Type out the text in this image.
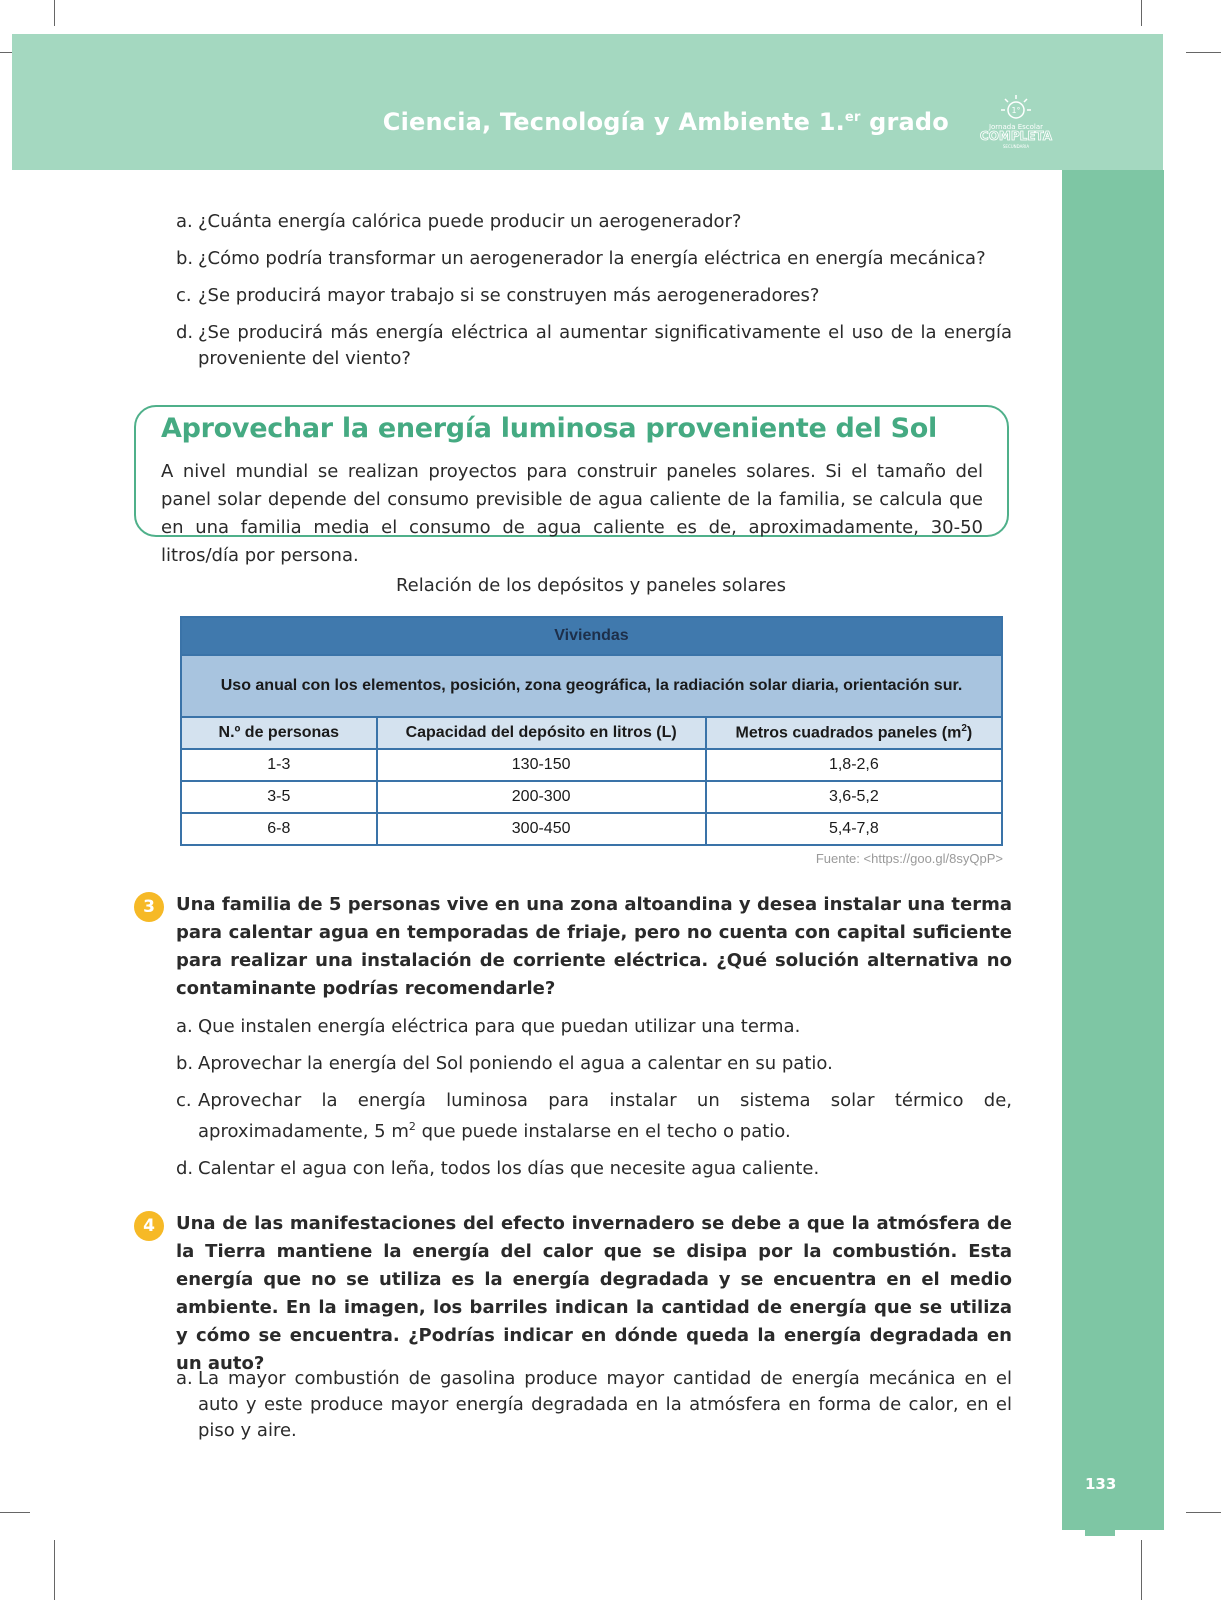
Ciencia, Tecnología y Ambiente 1.$^{er}$ grado	1°
Jornada Escolar
COMPLETA
SECUNDARIA
133
a. ¿Cuánta energía calórica puede producir un aerogenerador?
b. ¿Cómo podría transformar un aerogenerador la energía eléctrica en energía mecánica?
c. ¿Se producirá mayor trabajo si se construyen más aerogeneradores?
d. ¿Se producirá más energía eléctrica al aumentar significativamente el uso de la energía proveniente del viento?
Aprovechar la energía luminosa proveniente del Sol

A nivel mundial se realizan proyectos para construir paneles solares. Si el tamaño del panel solar depende del consumo previsible de agua caliente de la familia, se calcula que en una familia media el consumo de agua caliente es de, aproximadamente, 30-50 litros/día por persona.

Relación de los depósitos y paneles solares
Viviendas		
Uso anual con los elementos, posición, zona geográfica, la radiación solar diaria, orientación sur.		
N.º de personas	Capacidad del depósito en litros (L)	Metros cuadrados paneles $(m^2)$
1-3	130-150	1,8-2,6
3-5	200-300	3,6-5,2
6-8	300-450	5,4-7,8
Fuente: <https://goo.gl/8syQpP>
3	Una familia de 5 personas vive en una zona altoandina y desea instalar una terma para calentar agua en temporadas de friaje, pero no cuenta con capital suficiente para realizar una instalación de corriente eléctrica. ¿Qué solución alternativa no contaminante podrías recomendarle?
a. Que instalen energía eléctrica para que puedan utilizar una terma.
b. Aprovechar la energía del Sol poniendo el agua a calentar en su patio.
c. Aprovechar la energía luminosa para instalar un sistema solar térmico de, aproximadamente, 5 $m^2$ que puede instalarse en el techo o patio.
d. Calentar el agua con leña, todos los días que necesite agua caliente.
4	Una de las manifestaciones del efecto invernadero se debe a que la atmósfera de la Tierra mantiene la energía del calor que se disipa por la combustión. Esta energía que no se utiliza es la energía degradada y se encuentra en el medio ambiente. En la imagen, los barriles indican la cantidad de energía que se utiliza y cómo se encuentra. ¿Podrías indicar en dónde queda la energía degradada en un auto?
a. La mayor combustión de gasolina produce mayor cantidad de energía mecánica en el auto y este produce mayor energía degradada en la atmósfera en forma de calor, en el piso y aire.
